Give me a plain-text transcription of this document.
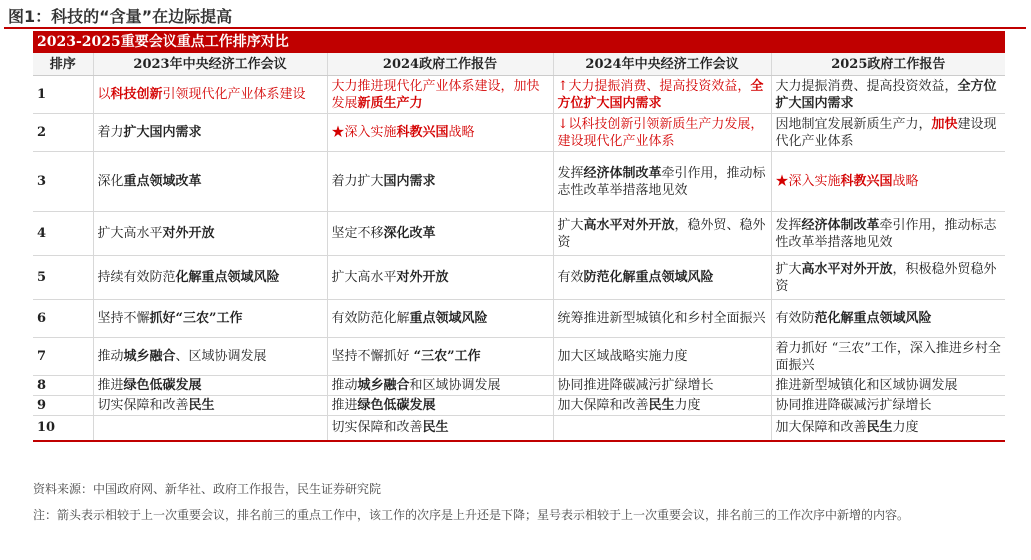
图1：科技的“含量”在边际提高
2023-2025重要会议重点工作排序对比				
排序	2023年中央经济工作会议	2024政府工作报告	2024年中央经济工作会议	2025政府工作报告
1	以科技创新引领现代化产业体系建设	大力推进现代化产业体系建设，加快发展新质生产力	↑大力提振消费、提高投资效益，全方位扩大国内需求	大力提振消费、提高投资效益，全方位扩大国内需求
2	着力扩大国内需求	★深入实施科教兴国战略	↓以科技创新引领新质生产力发展，建设现代化产业体系	因地制宜发展新质生产力，加快建设现代化产业体系
3	深化重点领域改革	着力扩大国内需求	发挥经济体制改革牵引作用，推动标志性改革举措落地见效	★深入实施科教兴国战略
4	扩大高水平对外开放	坚定不移深化改革	扩大高水平对外开放，稳外贸、稳外资	发挥经济体制改革牵引作用，推动标志性改革举措落地见效
5	持续有效防范化解重点领域风险	扩大高水平对外开放	有效防范化解重点领域风险	扩大高水平对外开放，积极稳外贸稳外资
6	坚持不懈抓好“三农”工作	有效防范化解重点领域风险	统筹推进新型城镇化和乡村全面振兴	有效防范化解重点领域风险
7	推动城乡融合、区域协调发展	坚持不懈抓好 “三农”工作	加大区域战略实施力度	着力抓好 “三农”工作，深入推进乡村全面振兴
8	推进绿色低碳发展	推动城乡融合和区域协调发展	协同推进降碳减污扩绿增长	推进新型城镇化和区域协调发展
9	切实保障和改善民生	推进绿色低碳发展	加大保障和改善民生力度	协同推进降碳减污扩绿增长
10		切实保障和改善民生		加大保障和改善民生力度
资料来源：中国政府网、新华社、政府工作报告，民生证券研究院
注：箭头表示相较于上一次重要会议，排名前三的重点工作中，该工作的次序是上升还是下降；星号表示相较于上一次重要会议，排名前三的工作次序中新增的内容。
